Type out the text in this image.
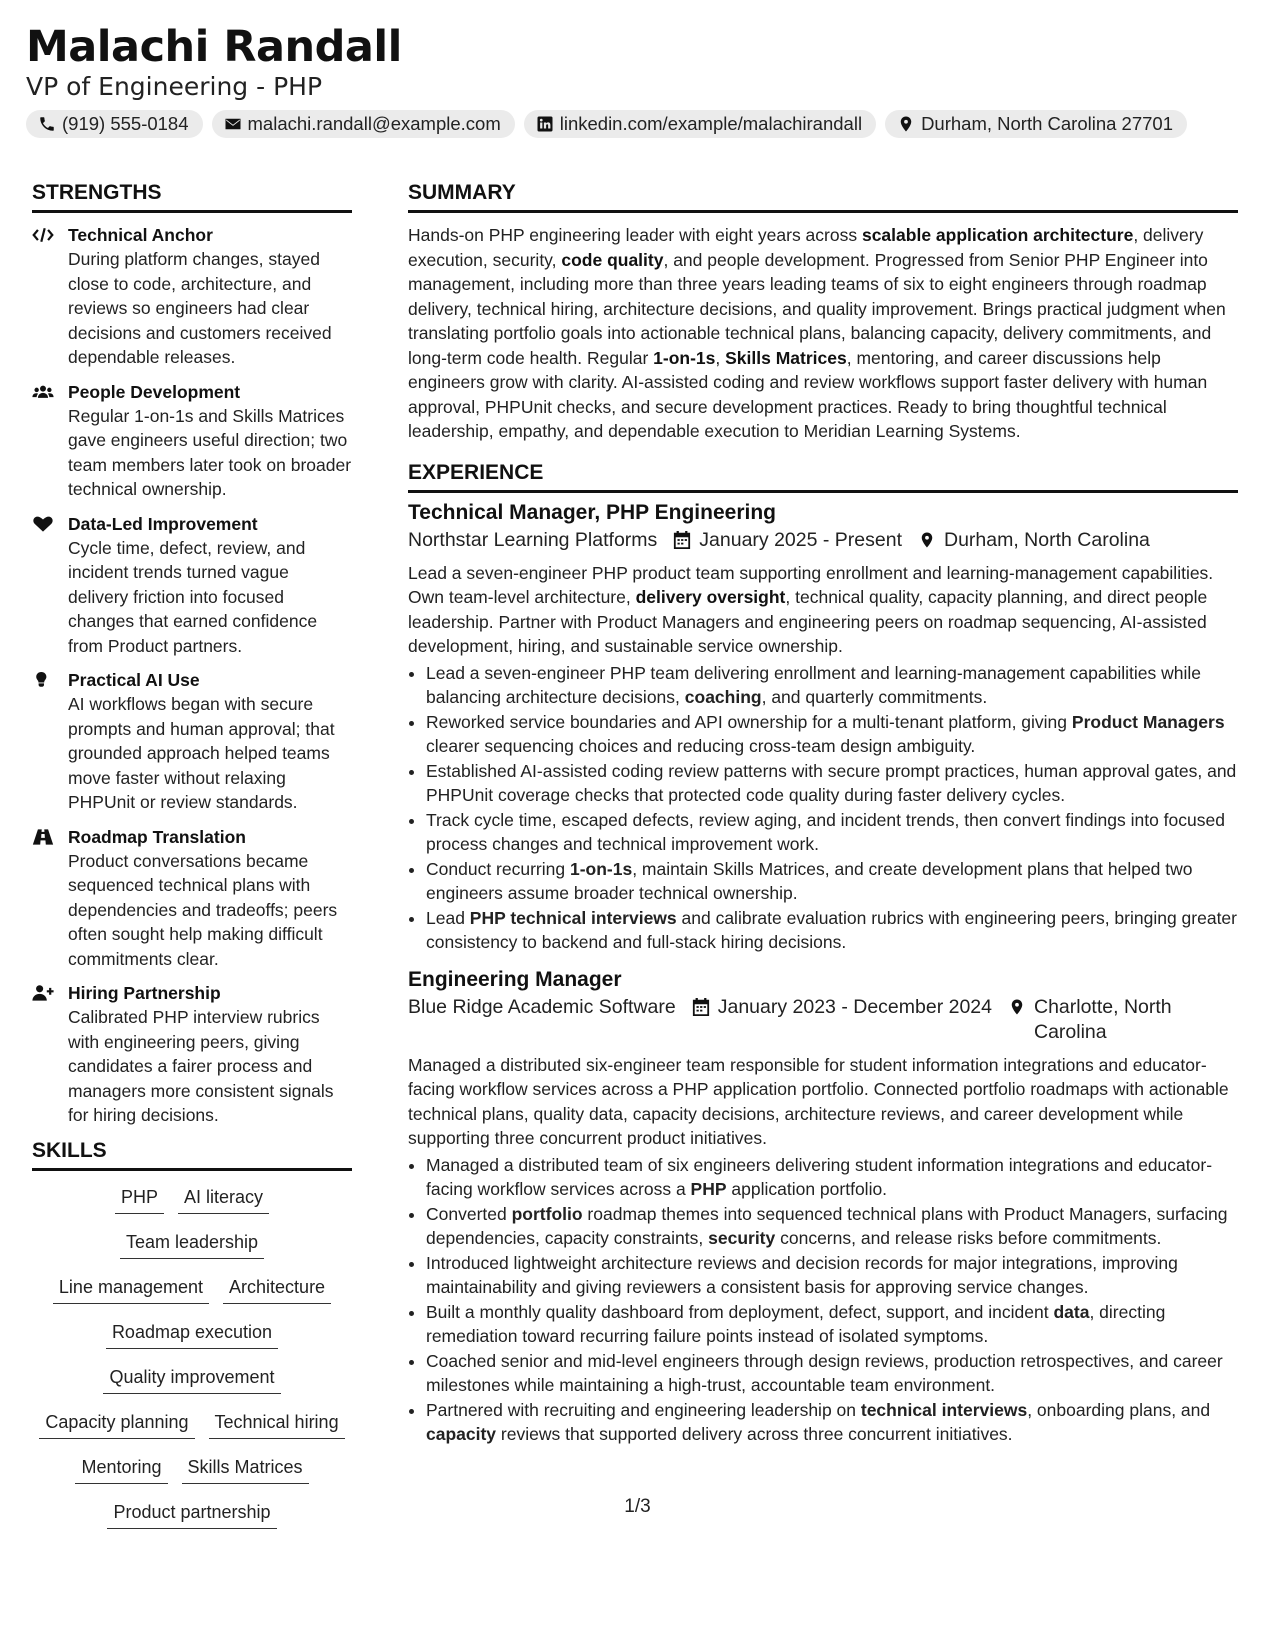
Malachi Randall
VP of Engineering - PHP
(919) 555-0184	malachi.randall@example.com	linkedin.com/example/malachirandall	Durham, North Carolina 27701
STRENGTHS
Technical Anchor
During platform changes, stayed close to code, architecture, and reviews so engineers had clear decisions and customers received dependable releases.
People Development
Regular 1-on-1s and Skills Matrices gave engineers useful direction; two team members later took on broader technical ownership.
Data-Led Improvement
Cycle time, defect, review, and incident trends turned vague delivery friction into focused changes that earned confidence from Product partners.
Practical AI Use
AI workflows began with secure prompts and human approval; that grounded approach helped teams move faster without relaxing PHPUnit or review standards.
Roadmap Translation
Product conversations became sequenced technical plans with dependencies and tradeoffs; peers often sought help making difficult commitments clear.
Hiring Partnership
Calibrated PHP interview rubrics with engineering peers, giving candidates a fairer process and managers more consistent signals for hiring decisions.
SKILLS
PHP	AI literacy
Team leadership
Line management	Architecture
Roadmap execution
Quality improvement
Capacity planning	Technical hiring
Mentoring	Skills Matrices
Product partnership
SUMMARY

Hands-on PHP engineering leader with eight years across scalable application architecture, delivery execution, security, code quality, and people development. Progressed from Senior PHP Engineer into management, including more than three years leading teams of six to eight engineers through roadmap delivery, technical hiring, architecture decisions, and quality improvement. Brings practical judgment when translating portfolio goals into actionable technical plans, balancing capacity, delivery commitments, and long-term code health. Regular 1-on-1s, Skills Matrices, mentoring, and career discussions help engineers grow with clarity. AI-assisted coding and review workflows support faster delivery with human approval, PHPUnit checks, and secure development practices. Ready to bring thoughtful technical leadership, empathy, and dependable execution to Meridian Learning Systems.

EXPERIENCE
Technical Manager, PHP Engineering
Northstar Learning Platforms January 2025 - Present Durham, North Carolina

Lead a seven-engineer PHP product team supporting enrollment and learning-management capabilities. Own team-level architecture, delivery oversight, technical quality, capacity planning, and direct people leadership. Partner with Product Managers and engineering peers on roadmap sequencing, AI-assisted development, hiring, and sustainable service ownership.

• Lead a seven-engineer PHP team delivering enrollment and learning-management capabilities while balancing architecture decisions, coaching, and quarterly commitments.
• Reworked service boundaries and API ownership for a multi-tenant platform, giving Product Managers clearer sequencing choices and reducing cross-team design ambiguity.
• Established AI-assisted coding review patterns with secure prompt practices, human approval gates, and PHPUnit coverage checks that protected code quality during faster delivery cycles.
• Track cycle time, escaped defects, review aging, and incident trends, then convert findings into focused process changes and technical improvement work.
• Conduct recurring 1-on-1s, maintain Skills Matrices, and create development plans that helped two engineers assume broader technical ownership.
• Lead PHP technical interviews and calibrate evaluation rubrics with engineering peers, bringing greater consistency to backend and full-stack hiring decisions.
Engineering Manager
Blue Ridge Academic Software January 2023 - December 2024 Charlotte, North Carolina

Managed a distributed six-engineer team responsible for student information integrations and educator-facing workflow services across a PHP application portfolio. Connected portfolio roadmaps with actionable technical plans, quality data, capacity decisions, architecture reviews, and career development while supporting three concurrent product initiatives.

• Managed a distributed team of six engineers delivering student information integrations and educator-facing workflow services across a PHP application portfolio.
• Converted portfolio roadmap themes into sequenced technical plans with Product Managers, surfacing dependencies, capacity constraints, security concerns, and release risks before commitments.
• Introduced lightweight architecture reviews and decision records for major integrations, improving maintainability and giving reviewers a consistent basis for approving service changes.
• Built a monthly quality dashboard from deployment, defect, support, and incident data, directing remediation toward recurring failure points instead of isolated symptoms.
• Coached senior and mid-level engineers through design reviews, production retrospectives, and career milestones while maintaining a high-trust, accountable team environment.
• Partnered with recruiting and engineering leadership on technical interviews, onboarding plans, and capacity reviews that supported delivery across three concurrent initiatives.
1/3
